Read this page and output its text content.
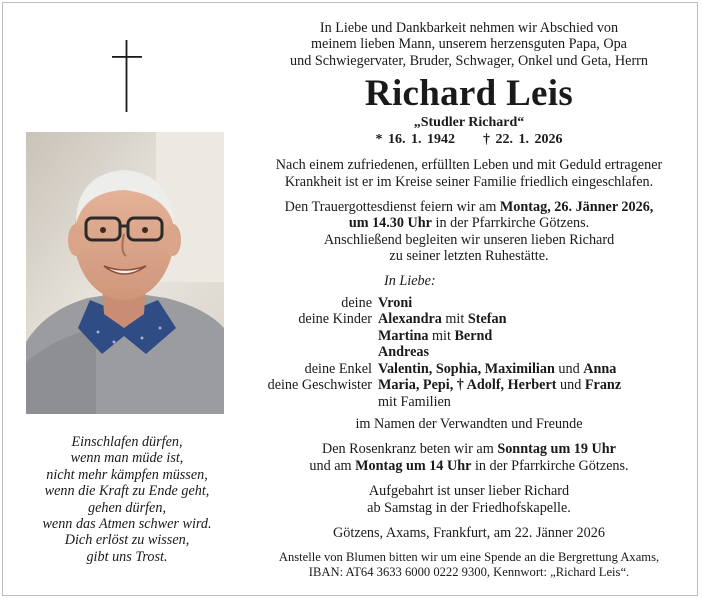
Einschlafen dürfen,
wenn man müde ist,
nicht mehr kämpfen müssen,
wenn die Kraft zu Ende geht,
gehen dürfen,
wenn das Atmen schwer wird.
Dich erlöst zu wissen,
gibt uns Trost.
In Liebe und Dankbarkeit nehmen wir Abschied von
meinem lieben Mann, unserem herzensguten Papa, Opa
und Schwiegervater, Bruder, Schwager, Onkel und Geta, Herrn
Richard Leis
„Studler Richard“
* 16. 1. 1942 † 22. 1. 2026
Nach einem zufriedenen, erfüllten Leben und mit Geduld ertragener
Krankheit ist er im Kreise seiner Familie friedlich eingeschlafen.
Den Trauergottesdienst feiern wir am Montag, 26. Jänner 2026,
um 14.30 Uhr in der Pfarrkirche Götzens.
Anschließend begleiten wir unseren lieben Richard
zu seiner letzten Ruhestätte.
In Liebe:
deine Vroni
deine Kinder Alexandra mit Stefan
Martina mit Bernd
Andreas
deine Enkel Valentin, Sophia, Maximilian und Anna
deine Geschwister Maria, Pepi, † Adolf, Herbert und Franz
mit Familien
im Namen der Verwandten und Freunde
Den Rosenkranz beten wir am Sonntag um 19 Uhr
und am Montag um 14 Uhr in der Pfarrkirche Götzens.
Aufgebahrt ist unser lieber Richard
ab Samstag in der Friedhofskapelle.
Götzens, Axams, Frankfurt, am 22. Jänner 2026
Anstelle von Blumen bitten wir um eine Spende an die Bergrettung Axams,
IBAN: AT64 3633 6000 0222 9300, Kennwort: „Richard Leis“.
